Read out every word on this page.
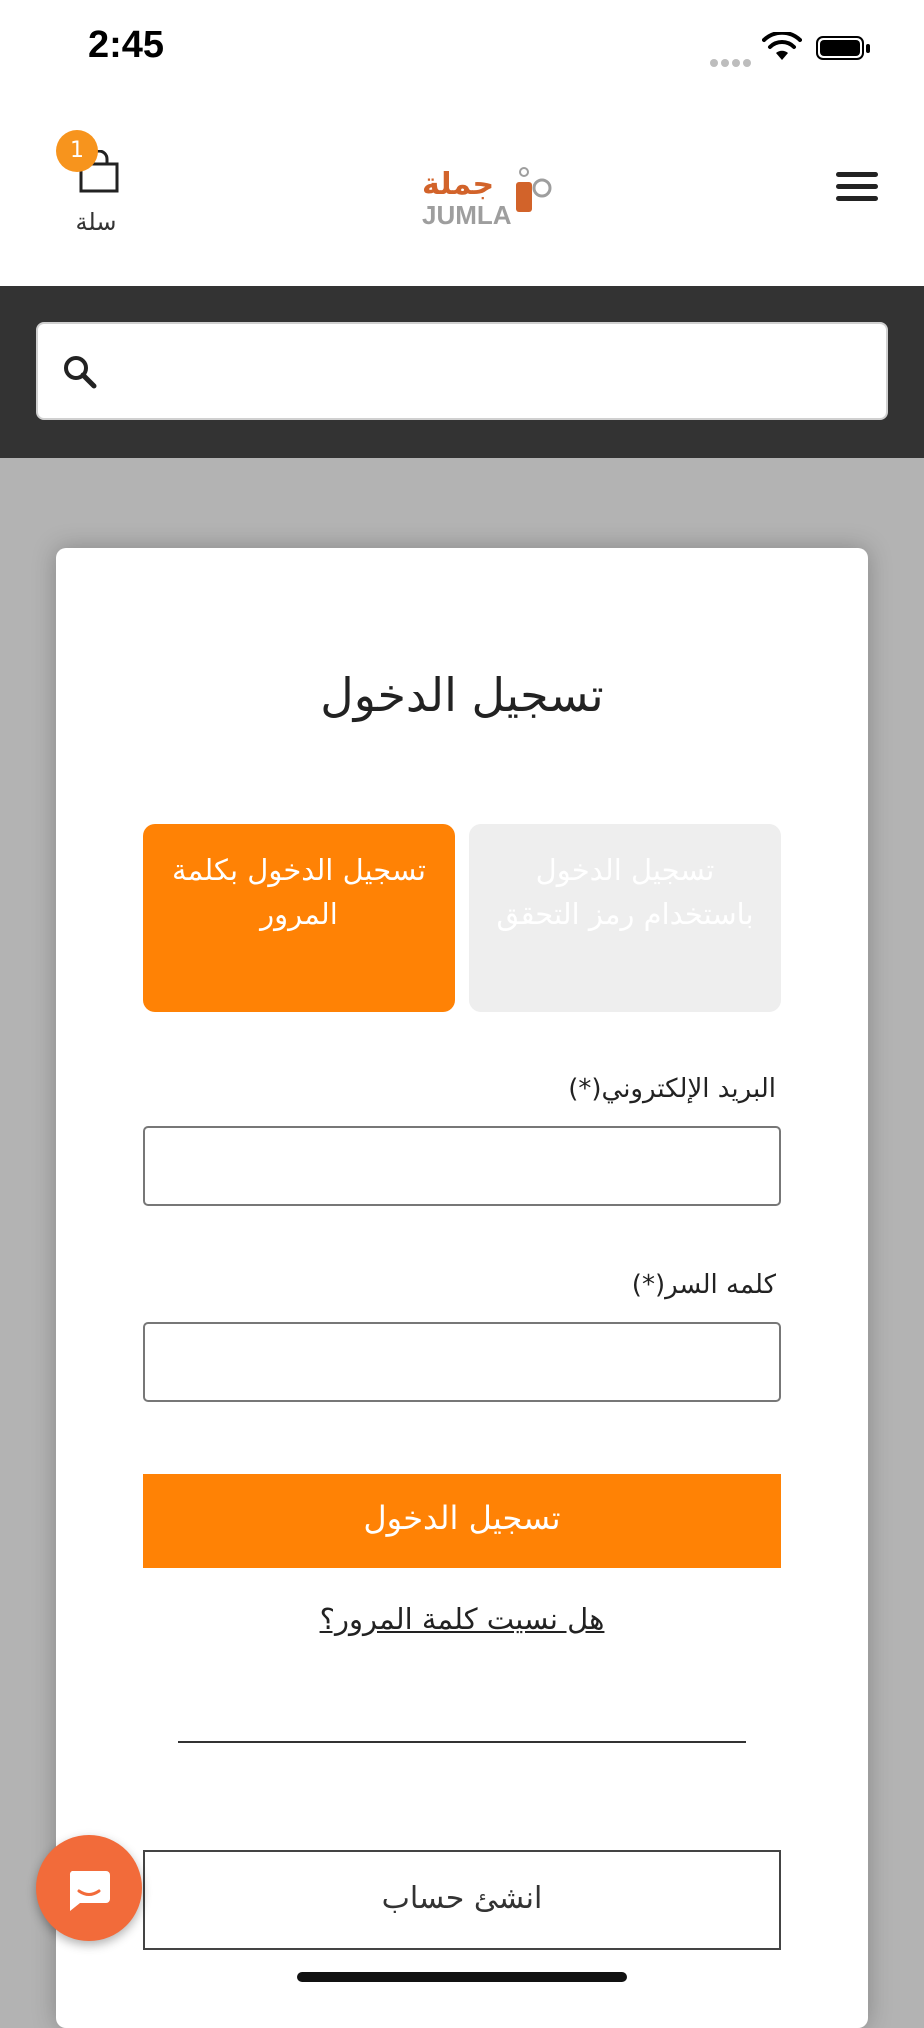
2:45
1
سلة
جملة
JUMLA
تسجيل الدخول
تسجيل الدخول بكلمة المرور
تسجيل الدخول باستخدام رمز التحقق
البريد الإلكتروني(*)
كلمه السر(*)
تسجيل الدخول
هل نسيت كلمة المرور؟
انشئ حساب
